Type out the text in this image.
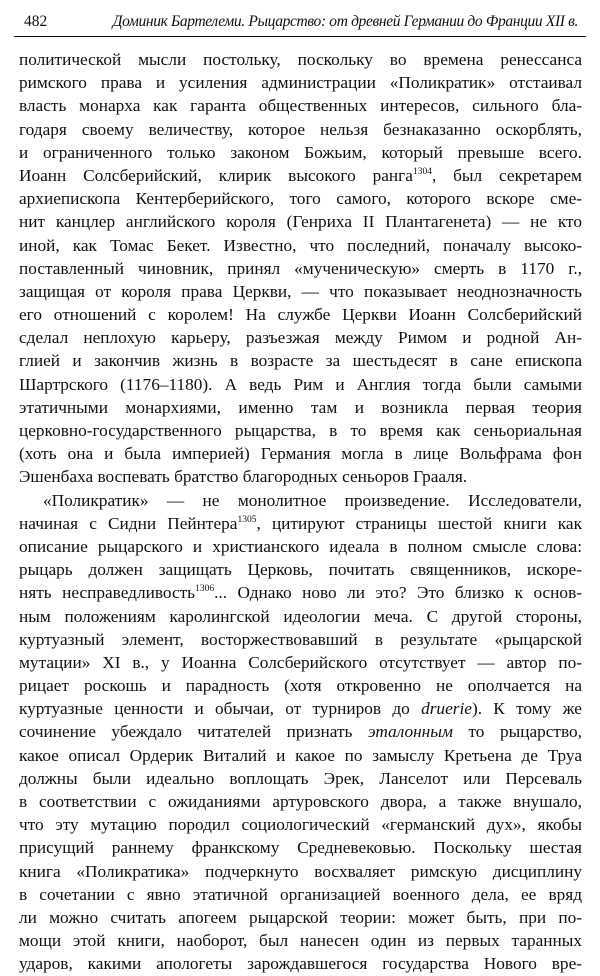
482	Доминик Бартелеми. Рыцарство: от древней Германии до Франции XII в.
политической мысли постольку, поскольку во времена ренессанса
римского права и усиления администрации «Поликратик» отстаивал
власть монарха как гаранта общественных интересов, сильного бла-
годаря своему величеству, которое нельзя безнаказанно оскорблять,
и ограниченного только законом Божьим, который превыше всего.
Иоанн Солсберийский, клирик высокого ранга$^{1304}$, был секретарем
архиепископа Кентерберийского, того самого, которого вскоре сме-
нит канцлер английского короля (Генриха II Плантагенета) — не кто
иной, как Томас Бекет. Известно, что последний, поначалу высоко-
поставленный чиновник, принял «мученическую» смерть в 1170 г.,
защищая от короля права Церкви, — что показывает неоднозначность
его отношений с королем! На службе Церкви Иоанн Солсберийский
сделал неплохую карьеру, разъезжая между Римом и родной Ан-
глией и закончив жизнь в возрасте за шестьдесят в сане епископа
Шартрского (1176–1180). А ведь Рим и Англия тогда были самыми
этатичными монархиями, именно там и возникла первая теория
церковно-государственного рыцарства, в то время как сеньориальная
(хоть она и была империей) Германия могла в лице Вольфрама фон
Эшенбаха воспевать братство благородных сеньоров Грааля.
«Поликратик» — не монолитное произведение. Исследователи,
начиная с Сидни Пейнтера$^{1305}$, цитируют страницы шестой книги как
описание рыцарского и христианского идеала в полном смысле слова:
рыцарь должен защищать Церковь, почитать священников, искоре-
нять несправедливость$^{1306}$... Однако ново ли это? Это близко к основ-
ным положениям каролингской идеологии меча. С другой стороны,
куртуазный элемент, восторжествовавший в результате «рыцарской
мутации» XI в., у Иоанна Солсберийского отсутствует — автор по-
рицает роскошь и парадность (хотя откровенно не ополчается на
куртуазные ценности и обычаи, от турниров до druerie). К тому же
сочинение убеждало читателей признать эталонным то рыцарство,
какое описал Ордерик Виталий и какое по замыслу Кретьена де Труа
должны были идеально воплощать Эрек, Ланселот или Персеваль
в соответствии с ожиданиями артуровского двора, а также внушало,
что эту мутацию породил социологический «германский дух», якобы
присущий раннему франкскому Средневековью. Поскольку шестая
книга «Поликратика» подчеркнуто восхваляет римскую дисциплину
в сочетании с явно этатичной организацией военного дела, ее вряд
ли можно считать апогеем рыцарской теории: может быть, при по-
мощи этой книги, наоборот, был нанесен один из первых таранных
ударов, какими апологеты зарождавшегося государства Нового вре-
